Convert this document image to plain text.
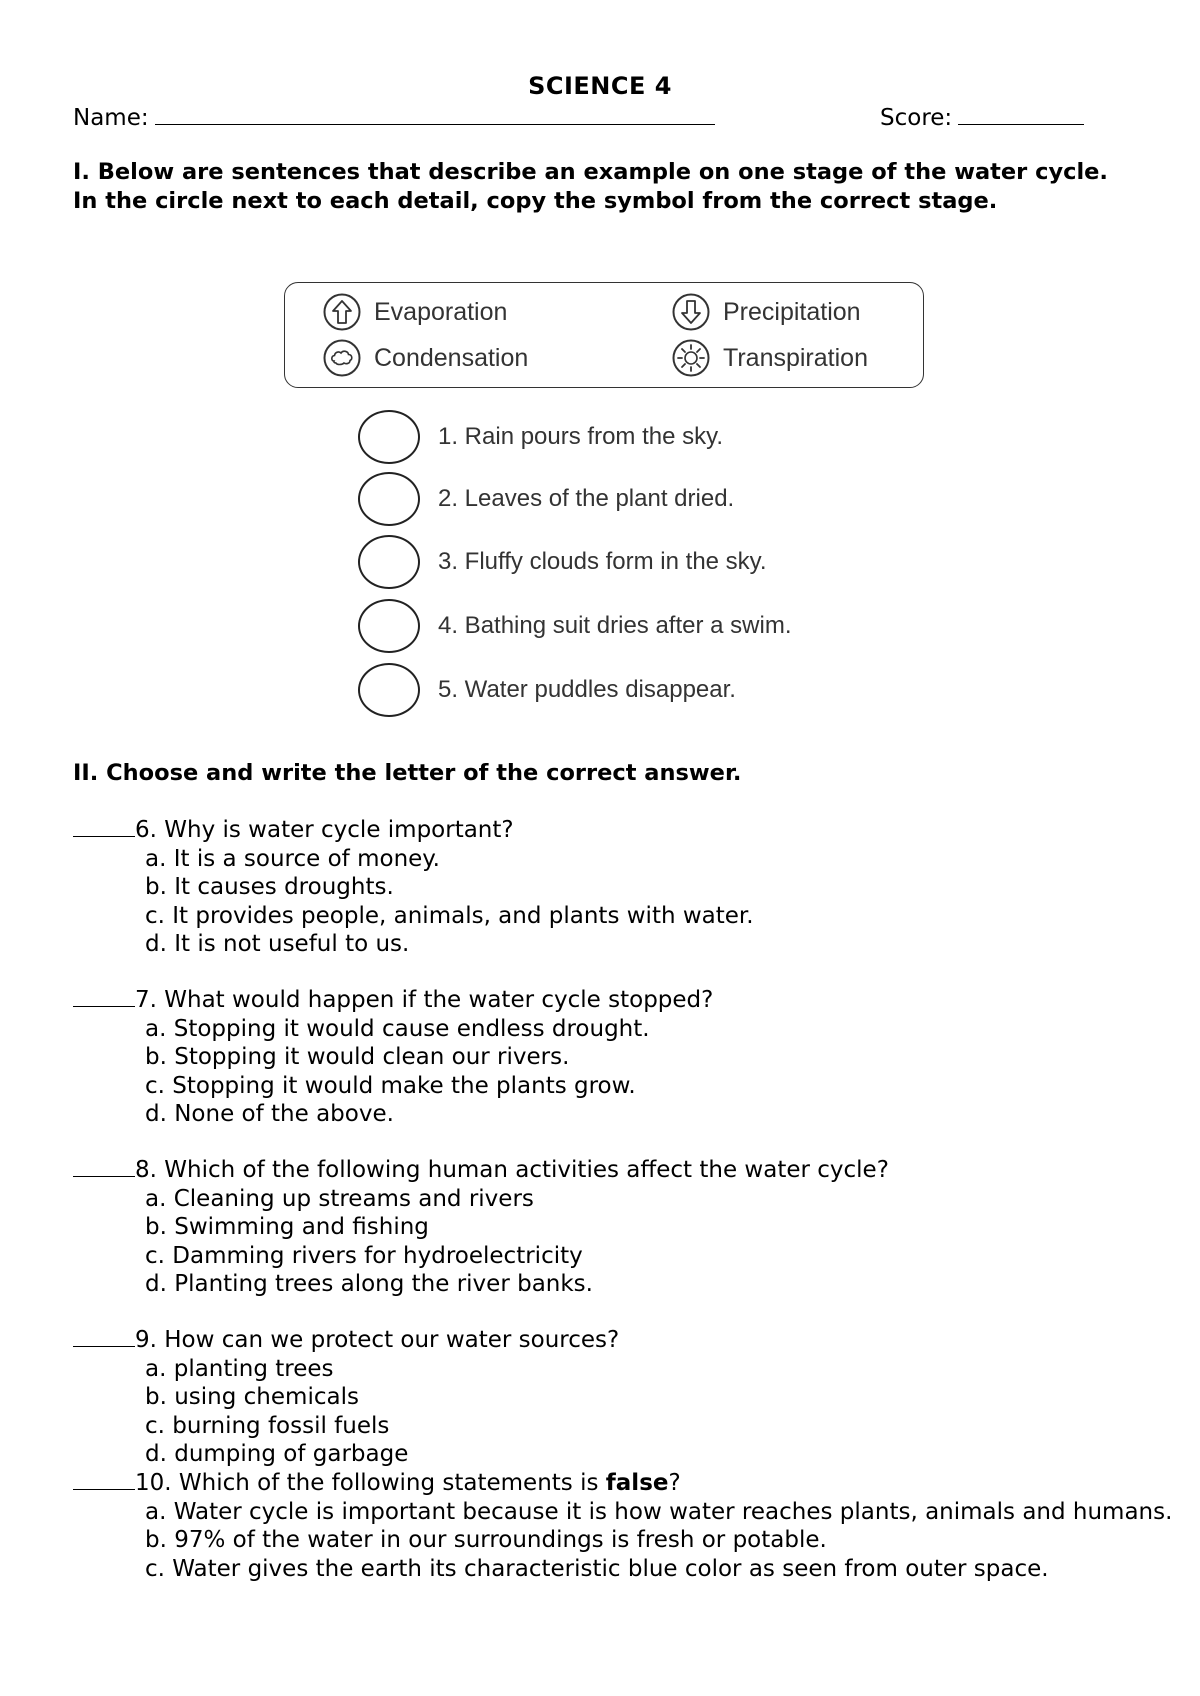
SCIENCE 4
Name:	Score:
I. Below are sentences that describe an example on one stage of the water cycle. In the circle next to each detail, copy the symbol from the correct stage.
Evaporation	Precipitation
Condensation	Transpiration
1. Rain pours from the sky.
2. Leaves of the plant dried.
3. Fluffy clouds form in the sky.
4. Bathing suit dries after a swim.
5. Water puddles disappear.
II. Choose and write the letter of the correct answer.
6. Why is water cycle important?
a. It is a source of money.
b. It causes droughts.
c. It provides people, animals, and plants with water.
d. It is not useful to us.
7. What would happen if the water cycle stopped?
a. Stopping it would cause endless drought.
b. Stopping it would clean our rivers.
c. Stopping it would make the plants grow.
d. None of the above.
8. Which of the following human activities affect the water cycle?
a. Cleaning up streams and rivers
b. Swimming and fishing
c. Damming rivers for hydroelectricity
d. Planting trees along the river banks.
9. How can we protect our water sources?
a. planting trees
b. using chemicals
c. burning fossil fuels
d. dumping of garbage
10. Which of the following statements is false?
a. Water cycle is important because it is how water reaches plants, animals and humans.
b. 97% of the water in our surroundings is fresh or potable.
c. Water gives the earth its characteristic blue color as seen from outer space.
